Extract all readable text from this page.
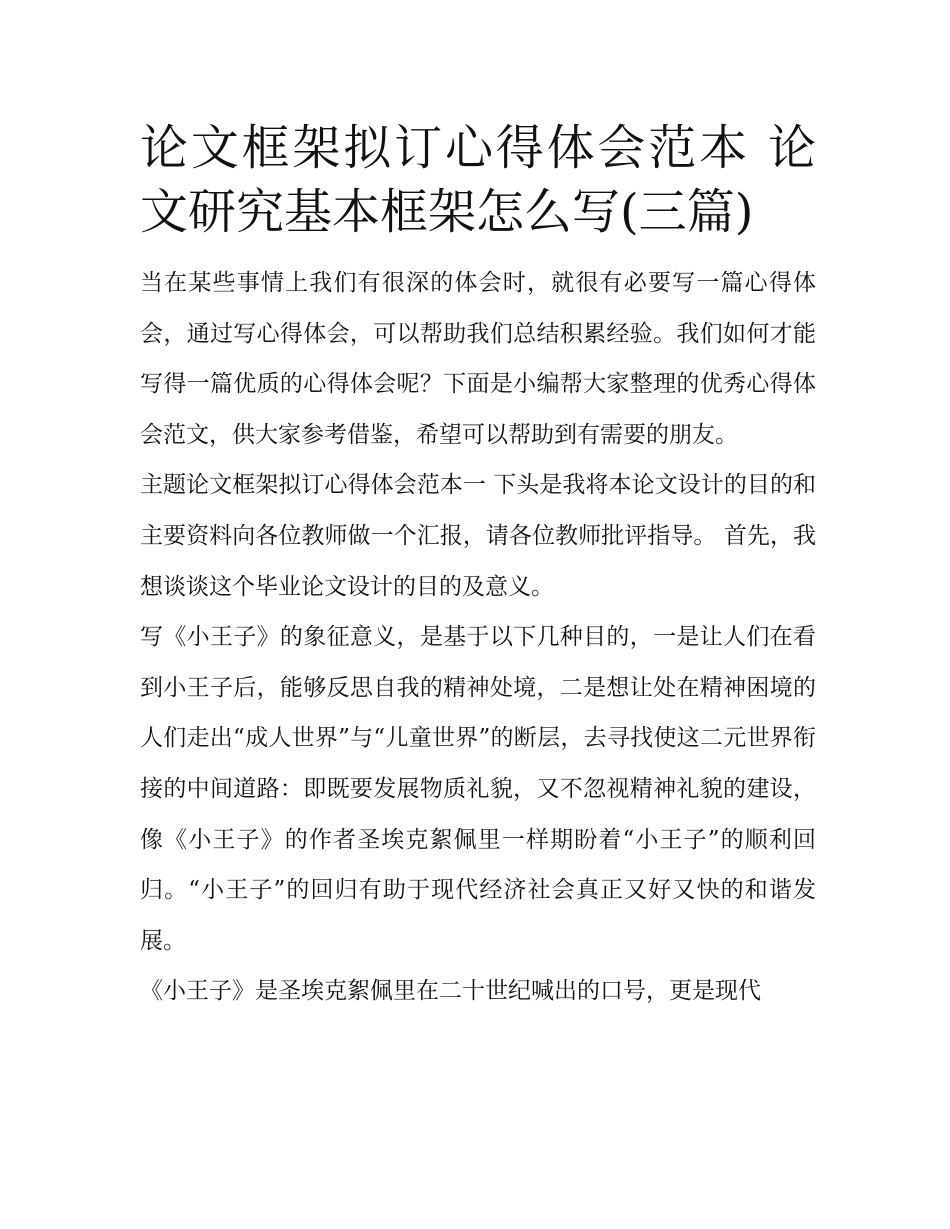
论文框架拟订心得体会范本 论文研究基本框架怎么写(三篇)

当在某些事情上我们有很深的体会时，就很有必要写一篇心得体会，通过写心得体会，可以帮助我们总结积累经验。我们如何才能写得一篇优质的心得体会呢？下面是小编帮大家整理的优秀心得体会范文，供大家参考借鉴，希望可以帮助到有需要的朋友。

主题论文框架拟订心得体会范本一 下头是我将本论文设计的目的和主要资料向各位教师做一个汇报，请各位教师批评指导。 首先，我想谈谈这个毕业论文设计的目的及意义。

写《小王子》的象征意义，是基于以下几种目的，一是让人们在看到小王子后，能够反思自我的精神处境，二是想让处在精神困境的人们走出“成人世界”与“儿童世界”的断层，去寻找使这二元世界衔接的中间道路：即既要发展物质礼貌，又不忽视精神礼貌的建设，像《小王子》的作者圣埃克絮佩里一样期盼着“小王子”的顺利回归。“小王子”的回归有助于现代经济社会真正又好又快的和谐发展。

《小王子》是圣埃克絮佩里在二十世纪喊出的口号，更是现代
